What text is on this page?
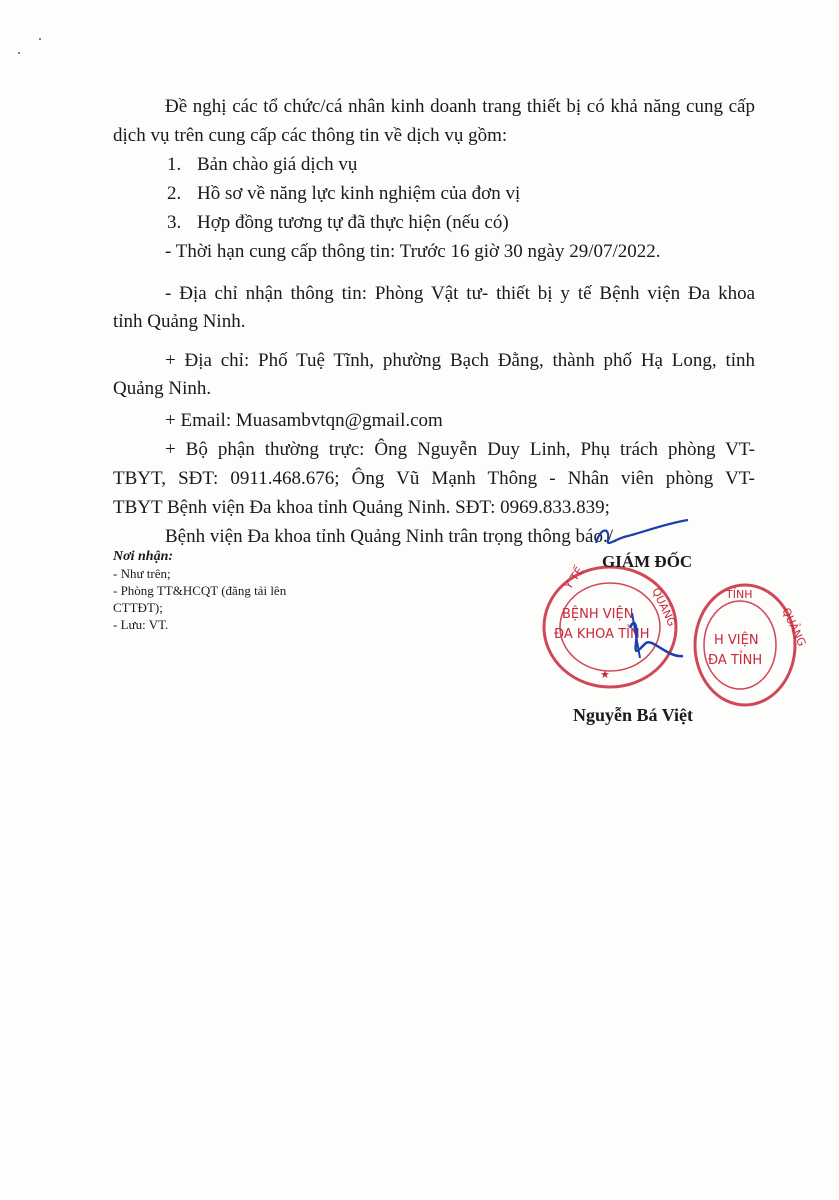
Đề nghị các tổ chức/cá nhân kinh doanh trang thiết bị có khả năng cung cấp dịch vụ trên cung cấp các thông tin về dịch vụ gồm:

1. Bản chào giá dịch vụ
2. Hồ sơ về năng lực kinh nghiệm của đơn vị
3. Hợp đồng tương tự đã thực hiện (nếu có)
- Thời hạn cung cấp thông tin: Trước 16 giờ 30 ngày 29/07/2022.
- Địa chỉ nhận thông tin: Phòng Vật tư- thiết bị y tế Bệnh viện Đa khoa
tỉnh Quảng Ninh.
+ Địa chỉ: Phố Tuệ Tĩnh, phường Bạch Đằng, thành phố Hạ Long, tỉnh
Quảng Ninh.
+ Email: Muasambvtqn@gmail.com
+ Bộ phận thường trực: Ông Nguyễn Duy Linh, Phụ trách phòng VT-
TBYT, SĐT: 0911.468.676; Ông Vũ Mạnh Thông - Nhân viên phòng VT-
TBYT Bệnh viện Đa khoa tỉnh Quảng Ninh. SĐT: 0969.833.839;
Bệnh viện Đa khoa tỉnh Quảng Ninh trân trọng thông báo./.
Nơi nhận:
- Như trên;
- Phòng TT&HCQT (đăng tải lên
CTTĐT);
- Lưu: VT.
Y TẾ
QUẢNG
BỆNH VIỆN
ĐA KHOA TỈNH
★
TỈNH
QUẢNG
H VIỆN
ĐA TỈNH
GIÁM ĐỐC
Nguyễn Bá Việt
